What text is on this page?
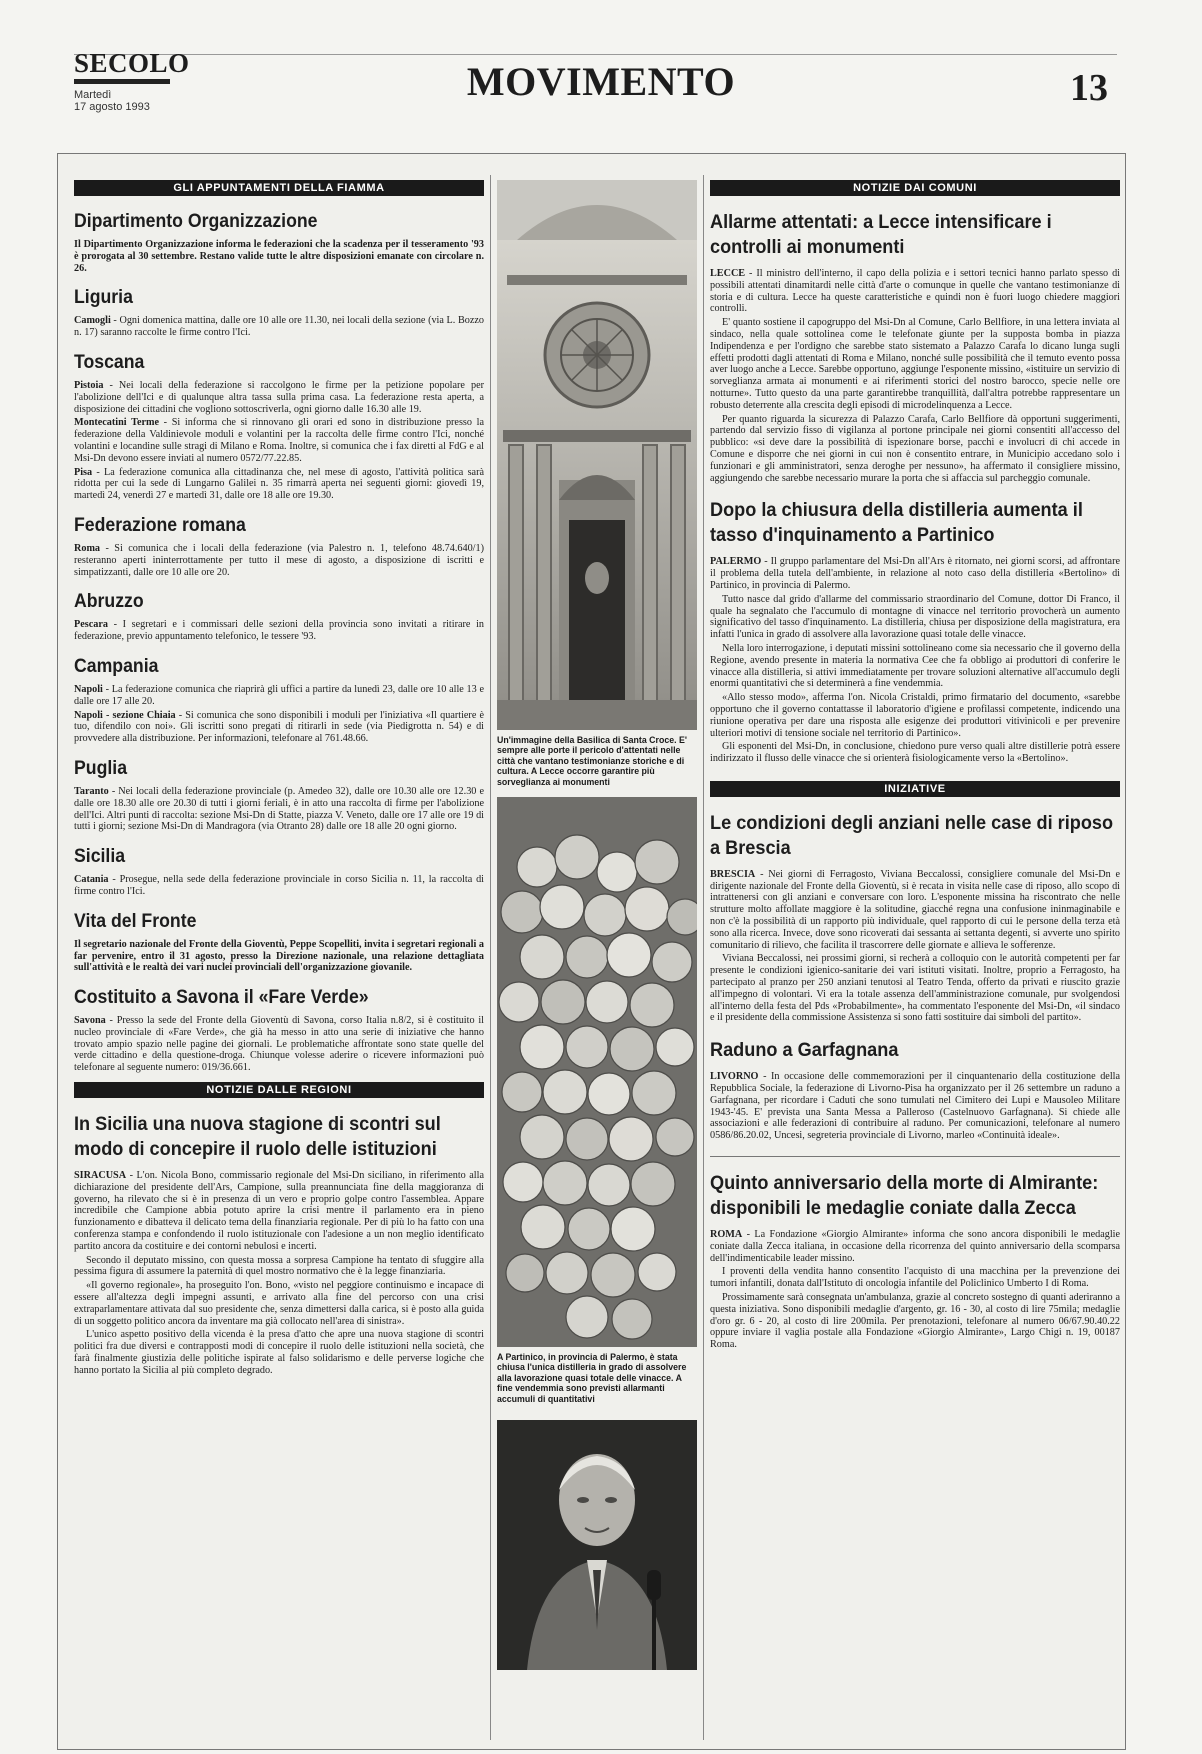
SECOLO
Martedì
17 agosto 1993
MOVIMENTO	13
GLI APPUNTAMENTI DELLA FIAMMA
Dipartimento Organizzazione
Il Dipartimento Organizzazione informa le federazioni che la scadenza per il tesseramento '93 è prorogata al 30 settembre. Restano valide tutte le altre disposizioni emanate con circolare n. 26.
Liguria
Camogli - Ogni domenica mattina, dalle ore 10 alle ore 11.30, nei locali della sezione (via L. Bozzo n. 17) saranno raccolte le firme contro l'Ici.
Toscana
Pistoia - Nei locali della federazione si raccolgono le firme per la petizione popolare per l'abolizione dell'Ici e di qualunque altra tassa sulla prima casa. La federazione resta aperta, a disposizione dei cittadini che vogliono sottoscriverla, ogni giorno dalle 16.30 alle 19.
Montecatini Terme - Si informa che si rinnovano gli orari ed sono in distribuzione presso la federazione della Valdinievole moduli e volantini per la raccolta delle firme contro l'Ici, nonché volantini e locandine sulle stragi di Milano e Roma. Inoltre, si comunica che i fax diretti al FdG e al Msi-Dn devono essere inviati al numero 0572/77.22.85.
Pisa - La federazione comunica alla cittadinanza che, nel mese di agosto, l'attività politica sarà ridotta per cui la sede di Lungarno Galilei n. 35 rimarrà aperta nei seguenti giorni: giovedì 19, martedì 24, venerdì 27 e martedì 31, dalle ore 18 alle ore 19.30.
Federazione romana
Roma - Si comunica che i locali della federazione (via Palestro n. 1, telefono 48.74.640/1) resteranno aperti ininterrottamente per tutto il mese di agosto, a disposizione di iscritti e simpatizzanti, dalle ore 10 alle ore 20.
Abruzzo
Pescara - I segretari e i commissari delle sezioni della provincia sono invitati a ritirare in federazione, previo appuntamento telefonico, le tessere '93.
Campania
Napoli - La federazione comunica che riaprirà gli uffici a partire da lunedì 23, dalle ore 10 alle 13 e dalle ore 17 alle 20.
Napoli - sezione Chiaia - Si comunica che sono disponibili i moduli per l'iniziativa «Il quartiere è tuo, difendilo con noi». Gli iscritti sono pregati di ritirarli in sede (via Piedigrotta n. 54) e di provvedere alla distribuzione. Per informazioni, telefonare al 761.48.66.
Puglia
Taranto - Nei locali della federazione provinciale (p. Amedeo 32), dalle ore 10.30 alle ore 12.30 e dalle ore 18.30 alle ore 20.30 di tutti i giorni feriali, è in atto una raccolta di firme per l'abolizione dell'Ici. Altri punti di raccolta: sezione Msi-Dn di Statte, piazza V. Veneto, dalle ore 17 alle ore 19 di tutti i giorni; sezione Msi-Dn di Mandragora (via Otranto 28) dalle ore 18 alle 20 ogni giorno.
Sicilia
Catania - Prosegue, nella sede della federazione provinciale in corso Sicilia n. 11, la raccolta di firme contro l'Ici.
Vita del Fronte
Il segretario nazionale del Fronte della Gioventù, Peppe Scopelliti, invita i segretari regionali a far pervenire, entro il 31 agosto, presso la Direzione nazionale, una relazione dettagliata sull'attività e le realtà dei vari nuclei provinciali dell'organizzazione giovanile.
Costituito a Savona il «Fare Verde»
Savona - Presso la sede del Fronte della Gioventù di Savona, corso Italia n.8/2, si è costituito il nucleo provinciale di «Fare Verde», che già ha messo in atto una serie di iniziative che hanno trovato ampio spazio nelle pagine dei giornali. Le problematiche affrontate sono state quelle del verde cittadino e della questione-droga. Chiunque volesse aderire o ricevere informazioni può telefonare al seguente numero: 019/36.661.
NOTIZIE DALLE REGIONI
In Sicilia una nuova stagione di scontri sul modo di concepire il ruolo delle istituzioni
SIRACUSA - L'on. Nicola Bono, commissario regionale del Msi-Dn siciliano, in riferimento alla dichiarazione del presidente dell'Ars, Campione, sulla preannunciata fine della maggioranza di governo, ha rilevato che si è in presenza di un vero e proprio golpe contro l'assemblea. Appare incredibile che Campione abbia potuto aprire la crisi mentre il parlamento era in pieno funzionamento e dibatteva il delicato tema della finanziaria regionale. Per di più lo ha fatto con una conferenza stampa e confondendo il ruolo istituzionale con l'adesione a un non meglio identificato partito ancora da costituire e dei contorni nebulosi e incerti.
Secondo il deputato missino, con questa mossa a sorpresa Campione ha tentato di sfuggire alla pessima figura di assumere la paternità di quel mostro normativo che è la legge finanziaria.
«Il governo regionale», ha proseguito l'on. Bono, «visto nel peggiore continuismo e incapace di essere all'altezza degli impegni assunti, e arrivato alla fine del percorso con una crisi extraparlamentare attivata dal suo presidente che, senza dimettersi dalla carica, si è posto alla guida di un soggetto politico ancora da inventare ma già collocato nell'area di sinistra».
L'unico aspetto positivo della vicenda è la presa d'atto che apre una nuova stagione di scontri politici fra due diversi e contrapposti modi di concepire il ruolo delle istituzioni nella società, che farà finalmente giustizia delle politiche ispirate al falso solidarismo e delle perverse logiche che hanno portato la Sicilia al più completo degrado.
Un'immagine della Basilica di Santa Croce. E' sempre alle porte il pericolo d'attentati nelle città che vantano testimonianze storiche e di cultura. A Lecce occorre garantire più sorveglianza ai monumenti
A Partinico, in provincia di Palermo, è stata chiusa l'unica distilleria in grado di assolvere alla lavorazione quasi totale delle vinacce. A fine vendemmia sono previsti allarmanti accumuli di quantitativi
NOTIZIE DAI COMUNI
Allarme attentati: a Lecce intensificare i controlli ai monumenti
LECCE - Il ministro dell'interno, il capo della polizia e i settori tecnici hanno parlato spesso di possibili attentati dinamitardi nelle città d'arte o comunque in quelle che vantano testimonianze di storia e di cultura. Lecce ha queste caratteristiche e quindi non è fuori luogo chiedere maggiori controlli.
E' quanto sostiene il capogruppo del Msi-Dn al Comune, Carlo Bellfiore, in una lettera inviata al sindaco, nella quale sottolinea come le telefonate giunte per la supposta bomba in piazza Indipendenza e per l'ordigno che sarebbe stato sistemato a Palazzo Carafa lo dicano lunga sugli effetti prodotti dagli attentati di Roma e Milano, nonché sulle possibilità che il temuto evento possa aver luogo anche a Lecce. Sarebbe opportuno, aggiunge l'esponente missino, «istituire un servizio di sorveglianza armata ai monumenti e ai riferimenti storici del nostro barocco, specie nelle ore notturne». Tutto questo da una parte garantirebbe tranquillità, dall'altra potrebbe rappresentare un robusto deterrente alla crescita degli episodi di microdelinquenza a Lecce.
Per quanto riguarda la sicurezza di Palazzo Carafa, Carlo Bellfiore dà opportuni suggerimenti, partendo dal servizio fisso di vigilanza al portone principale nei giorni consentiti all'accesso del pubblico: «si deve dare la possibilità di ispezionare borse, pacchi e involucri di chi accede in Comune e disporre che nei giorni in cui non è consentito entrare, in Municipio accedano solo i funzionari e gli amministratori, senza deroghe per nessuno», ha affermato il consigliere missino, aggiungendo che sarebbe necessario murare la porta che si affaccia sul parcheggio comunale.
Dopo la chiusura della distilleria aumenta il tasso d'inquinamento a Partinico
PALERMO - Il gruppo parlamentare del Msi-Dn all'Ars è ritornato, nei giorni scorsi, ad affrontare il problema della tutela dell'ambiente, in relazione al noto caso della distilleria «Bertolino» di Partinico, in provincia di Palermo.
Tutto nasce dal grido d'allarme del commissario straordinario del Comune, dottor Di Franco, il quale ha segnalato che l'accumulo di montagne di vinacce nel territorio provocherà un aumento significativo del tasso d'inquinamento. La distilleria, chiusa per disposizione della magistratura, era infatti l'unica in grado di assolvere alla lavorazione quasi totale delle vinacce.
Nella loro interrogazione, i deputati missini sottolineano come sia necessario che il governo della Regione, avendo presente in materia la normativa Cee che fa obbligo ai produttori di conferire le vinacce alla distilleria, si attivi immediatamente per trovare soluzioni alternative all'accumulo degli enormi quantitativi che si determinerà a fine vendemmia.
«Allo stesso modo», afferma l'on. Nicola Cristaldi, primo firmatario del documento, «sarebbe opportuno che il governo contattasse il laboratorio d'igiene e profilassi competente, indicendo una riunione operativa per dare una risposta alle esigenze dei produttori vitivinicoli e per prevenire ulteriori motivi di tensione sociale nel territorio di Partinico».
Gli esponenti del Msi-Dn, in conclusione, chiedono pure verso quali altre distillerie potrà essere indirizzato il flusso delle vinacce che si orienterà fisiologicamente verso la «Bertolino».
INIZIATIVE
Le condizioni degli anziani nelle case di riposo a Brescia
BRESCIA - Nei giorni di Ferragosto, Viviana Beccalossi, consigliere comunale del Msi-Dn e dirigente nazionale del Fronte della Gioventù, si è recata in visita nelle case di riposo, allo scopo di intrattenersi con gli anziani e conversare con loro. L'esponente missina ha riscontrato che nelle strutture molto affollate maggiore è la solitudine, giacché regna una confusione ininmaginabile e non c'è la possibilità di un rapporto più individuale, quel rapporto di cui le persone della terza età sono alla ricerca. Invece, dove sono ricoverati dai sessanta ai settanta degenti, si avverte uno spirito comunitario di rilievo, che facilita il trascorrere delle giornate e allieva le sofferenze.
Viviana Beccalossi, nei prossimi giorni, si recherà a colloquio con le autorità competenti per far presente le condizioni igienico-sanitarie dei vari istituti visitati. Inoltre, proprio a Ferragosto, ha partecipato al pranzo per 250 anziani tenutosi al Teatro Tenda, offerto da privati e riuscito grazie all'impegno di volontari. Vi era la totale assenza dell'amministrazione comunale, pur svolgendosi all'interno della festa del Pds «Probabilmente», ha commentato l'esponente del Msi-Dn, «il sindaco e il presidente della commissione Assistenza si sono fatti sostituire dai simboli del partito».
Raduno a Garfagnana
LIVORNO - In occasione delle commemorazioni per il cinquantenario della costituzione della Repubblica Sociale, la federazione di Livorno-Pisa ha organizzato per il 26 settembre un raduno a Garfagnana, per ricordare i Caduti che sono tumulati nel Cimitero dei Lupi e Mausoleo Militare 1943-'45. E' prevista una Santa Messa a Palleroso (Castelnuovo Garfagnana). Si chiede alle associazioni e alle federazioni di contribuire al raduno. Per comunicazioni, telefonare al numero 0586/86.20.02, Uncesi, segreteria provinciale di Livorno, marleo «Continuità ideale».
Quinto anniversario della morte di Almirante: disponibili le medaglie coniate dalla Zecca
ROMA - La Fondazione «Giorgio Almirante» informa che sono ancora disponibili le medaglie coniate dalla Zecca italiana, in occasione della ricorrenza del quinto anniversario della scomparsa dell'indimenticabile leader missino.
I proventi della vendita hanno consentito l'acquisto di una macchina per la prevenzione dei tumori infantili, donata dall'Istituto di oncologia infantile del Policlinico Umberto I di Roma.
Prossimamente sarà consegnata un'ambulanza, grazie al concreto sostegno di quanti aderiranno a questa iniziativa. Sono disponibili medaglie d'argento, gr. 16 - 30, al costo di lire 75mila; medaglie d'oro gr. 6 - 20, al costo di lire 200mila. Per prenotazioni, telefonare al numero 06/67.90.40.22 oppure inviare il vaglia postale alla Fondazione «Giorgio Almirante», Largo Chigi n. 19, 00187 Roma.
